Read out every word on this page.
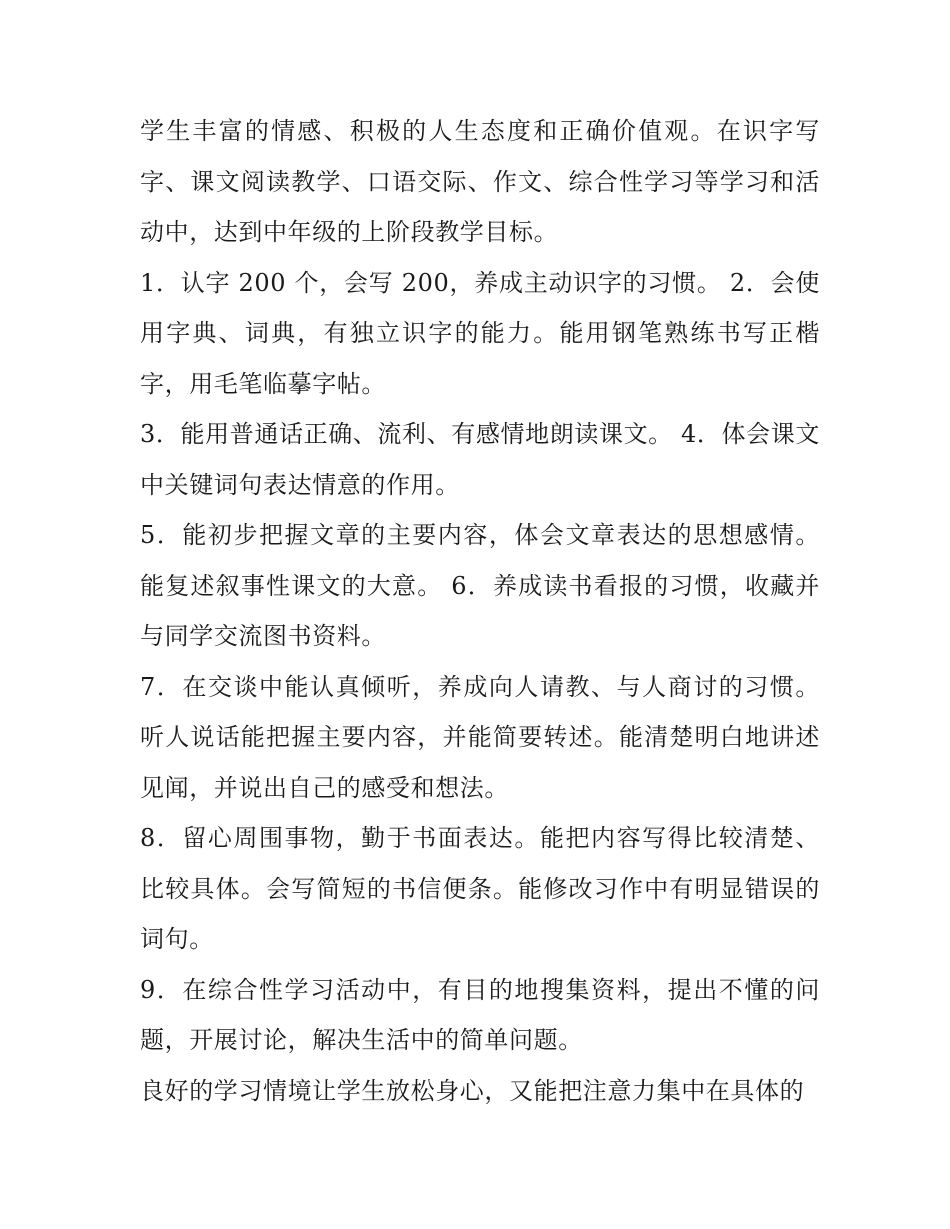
学生丰富的情感、积极的人生态度和正确价值观。在识字写字、课文阅读教学、口语交际、作文、综合性学习等学习和活动中，达到中年级的上阶段教学目标。

1．认字 200 个，会写 200，养成主动识字的习惯。 2．会使用字典、词典，有独立识字的能力。能用钢笔熟练书写正楷字，用毛笔临摹字帖。

3．能用普通话正确、流利、有感情地朗读课文。 4．体会课文中关键词句表达情意的作用。

5．能初步把握文章的主要内容，体会文章表达的思想感情。能复述叙事性课文的大意。 6．养成读书看报的习惯，收藏并与同学交流图书资料。

7．在交谈中能认真倾听，养成向人请教、与人商讨的习惯。听人说话能把握主要内容，并能简要转述。能清楚明白地讲述见闻，并说出自己的感受和想法。

8．留心周围事物，勤于书面表达。能把内容写得比较清楚、比较具体。会写简短的书信便条。能修改习作中有明显错误的词句。

9．在综合性学习活动中，有目的地搜集资料，提出不懂的问题，开展讨论，解决生活中的简单问题。

良好的学习情境让学生放松身心，又能把注意力集中在具体的
